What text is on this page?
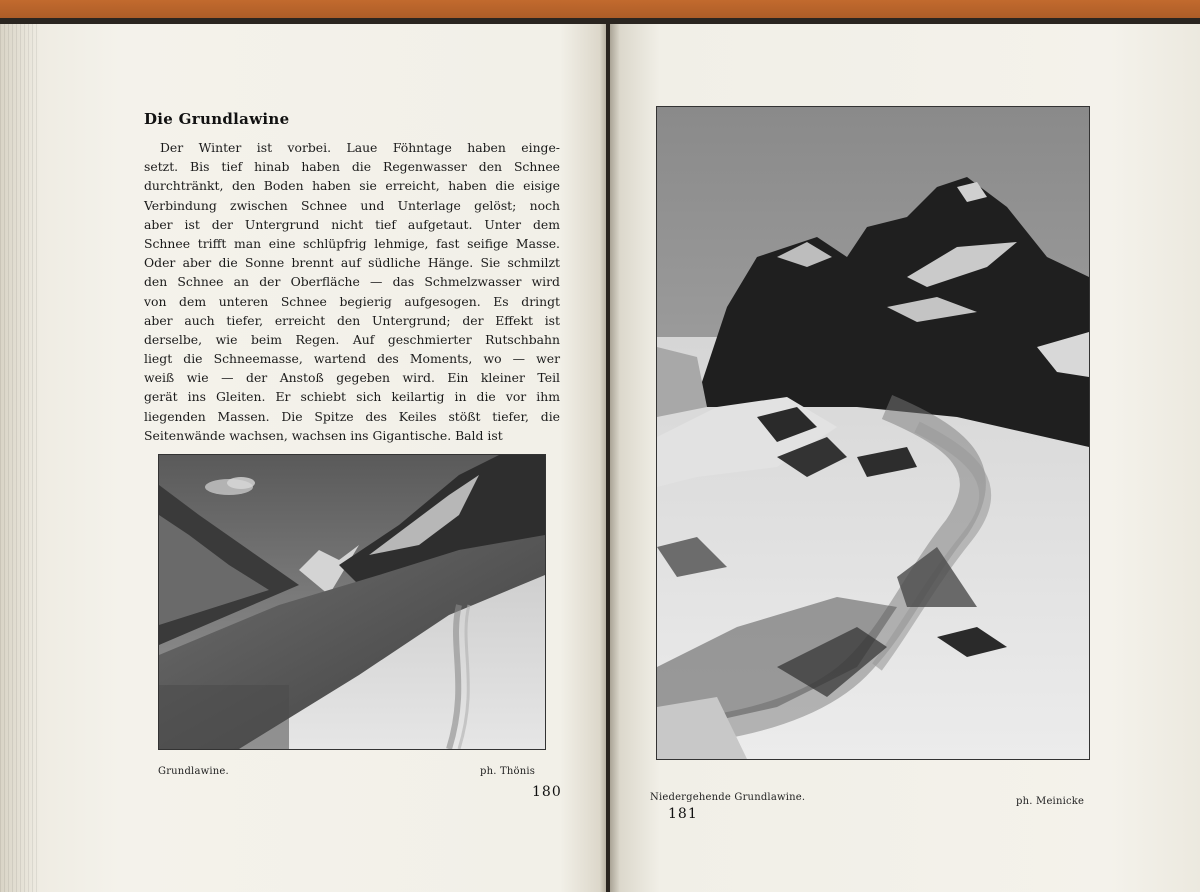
Die Grundlawine
Der Winter ist vorbei. Laue Föhntage haben einge-
setzt. Bis tief hinab haben die Regenwasser den Schnee
durchtränkt, den Boden haben sie erreicht, haben die eisige
Verbindung zwischen Schnee und Unterlage gelöst; noch
aber ist der Untergrund nicht tief aufgetaut. Unter dem
Schnee trifft man eine schlüpfrig lehmige, fast seifige Masse.
Oder aber die Sonne brennt auf südliche Hänge. Sie schmilzt
den Schnee an der Oberfläche — das Schmelzwasser wird
von dem unteren Schnee begierig aufgesogen. Es dringt
aber auch tiefer, erreicht den Untergrund; der Effekt ist
derselbe, wie beim Regen. Auf geschmierter Rutschbahn
liegt die Schneemasse, wartend des Moments, wo — wer
weiß wie — der Anstoß gegeben wird. Ein kleiner Teil
gerät ins Gleiten. Er schiebt sich keilartig in die vor ihm
liegenden Massen. Die Spitze des Keiles stößt tiefer, die
Seitenwände wachsen, wachsen ins Gigantische. Bald ist
Grundlawine.	ph. Thönis
180	Niedergehende Grundlawine.	ph. Meinicke
181
